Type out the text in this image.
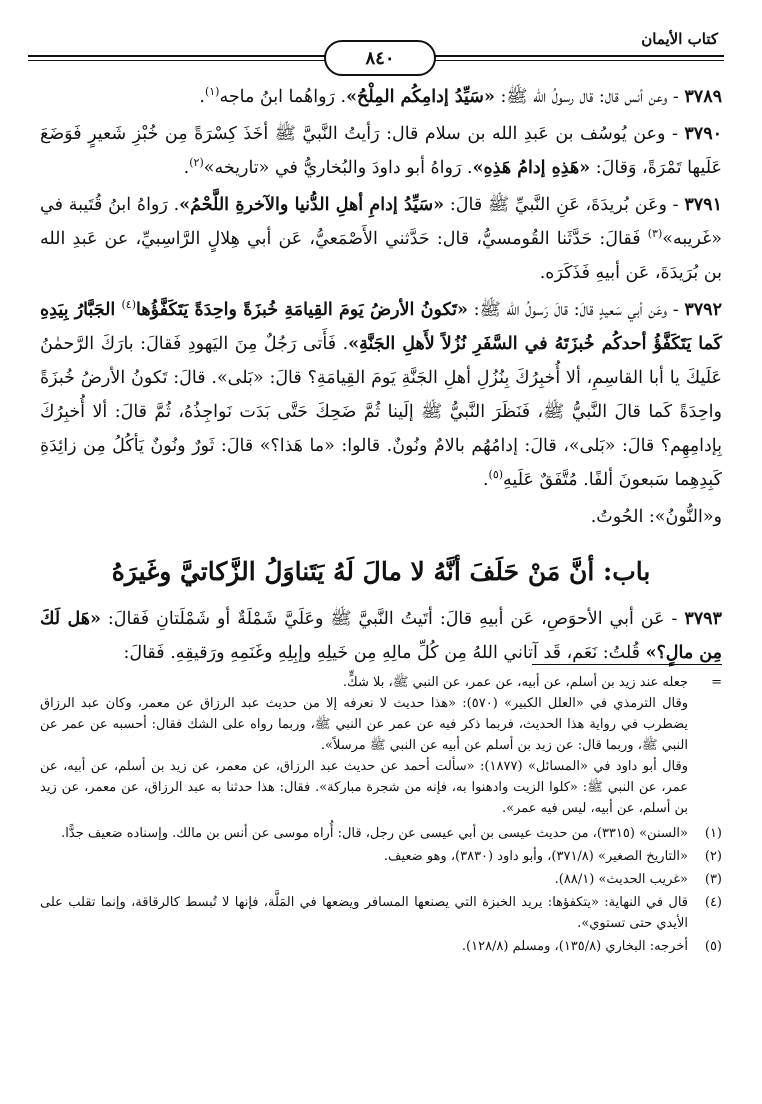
كتاب الأيمان
٨٤٠

٣٧٨٩ - وعن أنس قال: قال رسولُ الله ﷺ: «سَيِّدُ إدامِكُم المِلْحُ». رَواهُما ابنُ ماجه$^{(١)}$.

٣٧٩٠ - وعن يُوسُف بن عَبدِ الله بن سلام قال: رَأيتُ النَّبيَّ ﷺ أخَذَ كِسْرَةً مِن خُبْزِ شَعيرٍ فَوَضَعَ عَلَيها تَمْرَةً، وَقالَ: «هَذِهِ إدامُ هَذِهِ». رَواهُ أبو داودَ والبُخاريُّ في «تاريخه»$^{(٢)}$.

٣٧٩١ - وعَن بُريدَةَ، عَنِ النَّبيِّ ﷺ قالَ: «سَيِّدُ إدامِ أهلِ الدُّنيا والآخرةِ اللَّحْمُ». رَواهُ ابنُ قُتَيبة في «غَريبه»$^{(٣)}$ فَقالَ: حَدَّثَنا القُومسيُّ، قال: حَدَّثني الأَصْمَعيُّ، عَن أبي هِلالٍ الرَّاسِبيِّ، عن عَبدِ الله بن بُرَيدَةَ، عَن أبيهِ فَذَكَرَه.

٣٧٩٢ - وعَن أبي سَعيدٍ قالَ: قالَ رَسولُ الله ﷺ: «تَكونُ الأرضُ يَومَ القِيامَةِ خُبزَةً واحِدَةً يَتَكَفَّؤُها$^{(٤)}$ الجَبَّارُ بِيَدِهِ كَما يَتَكَفَّؤُ أحدكُم خُبزَتَهُ في السَّفَرِ نُزُلاً لأَهلِ الجَنَّةِ». فَأَتى رَجُلٌ مِنَ اليَهودِ فَقالَ: بارَكَ الرَّحمٰنُ عَلَيكَ يا أبا القاسِمِ، ألا أُخبِرُكَ بِنُزُلِ أهلِ الجَنَّةِ يَومَ القِيامَةِ؟ قالَ: «بَلى». قالَ: تَكونُ الأرضُ خُبزَةً واحِدَةً كَما قالَ النَّبيُّ ﷺ، فَنَظَرَ النَّبيُّ ﷺ إلَينا ثُمَّ ضَحِكَ حَتَّى بَدَت نَواجِذُهُ، ثُمَّ قالَ: ألا أُخبِرُكَ بِإدامِهِم؟ قالَ: «بَلى»، قالَ: إدامُهُم بالامٌ ونُونٌ. قالوا: «ما هَذا؟» قالَ: ثَورٌ ونُونٌ يَأكُلُ مِن زائِدَةِ كَبِدِهِما سَبعونَ ألفًا. مُتَّفَقٌ عَلَيهِ$^{(٥)}$.

و«النُّونُ»: الحُوتُ.

باب: أنَّ مَنْ حَلَفَ أنَّهُ لا مالَ لَهُ يَتَناوَلُ الزَّكاتيَّ وغَيرَهُ

٣٧٩٣ - عَن أبي الأحوَصِ، عَن أبيهِ قالَ: أتَيتُ النَّبيَّ ﷺ وعَلَيَّ شَمْلَةٌ أو شَمْلَتانِ فَقالَ: «هَل لَكَ مِن مالٍ؟» قُلتُ: نَعَم، قَد آتاني اللهُ مِن كُلِّ مالِهِ مِن خَيلِهِ وإبِلِهِ وغَنَمِهِ ورَقيقِهِ. فَقالَ:

=
جعله عند زيد بن أسلم، عن أبيه، عن عمر، عن النبي ﷺ، بلا شكٍّ.
وقال الترمذي في «العلل الكبير» (٥٧٠): «هذا حديث لا نعرفه إلا من حديث عبد الرزاق عن معمر، وكان عبد الرزاق يضطرب في رواية هذا الحديث، فربما ذكر فيه عن عمر عن النبي ﷺ، وربما رواه على الشك فقال: أحسبه عن عمر عن النبي ﷺ، وربما قال: عن زيد بن أسلم عن أبيه عن النبي ﷺ مرسلاً».
وقال أبو داود في «المسائل» (١٨٧٧): «سألت أحمد عن حديث عبد الرزاق، عن معمر، عن زيد بن أسلم، عن أبيه، عن عمر، عن النبي ﷺ: «كلوا الزيت وادهنوا به، فإنه من شجرة مباركة». فقال: هذا حدثنا به عبد الرزاق، عن معمر، عن زيد بن أسلم، عن أبيه، ليس فيه عمر».
(١)
«السنن» (٣٣١٥)، من حديث عيسى بن أبي عيسى عن رجل، قال: أُراه موسى عن أنس بن مالك. وإسناده ضعيف جدًّا.
(٢)
«التاريخ الصغير» (٣٧١/٨)، وأبو داود (٣٨٣٠)، وهو ضعيف.
(٣)
«غريب الحديث» (٨٨/١).
(٤)
قال في النهاية: «يتكفؤها: يريد الخبزة التي يصنعها المسافر ويضعها في المَلَّة، فإنها لا تُبسط كالرقاقة، وإنما تقلب على الأيدي حتى تستوي».
(٥)
أخرجه: البخاري (١٣٥/٨)، ومسلم (١٢٨/٨).
